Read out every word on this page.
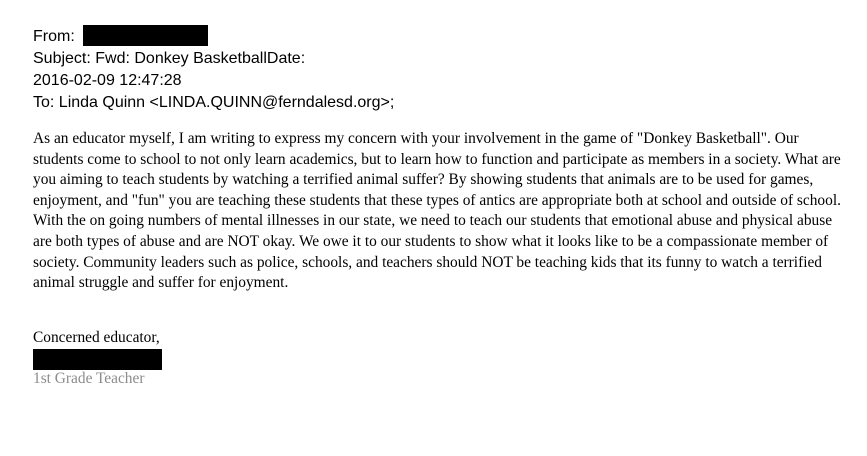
From:
Subject: Fwd: Donkey BasketballDate:
2016-02-09 12:47:28
To: Linda Quinn <LINDA.QUINN@ferndalesd.org>;

As an educator myself, I am writing to express my concern with your involvement in the game of "Donkey Basketball". Our students come to school to not only learn academics, but to learn how to function and participate as members in a society. What are you aiming to teach students by watching a terrified animal suffer? By showing students that animals are to be used for games, enjoyment, and "fun" you are teaching these students that these types of antics are appropriate both at school and outside of school. With the on going numbers of mental illnesses in our state, we need to teach our students that emotional abuse and physical abuse are both types of abuse and are NOT okay. We owe it to our students to show what it looks like to be a compassionate member of society. Community leaders such as police, schools, and teachers should NOT be teaching kids that its funny to watch a terrified animal struggle and suffer for enjoyment.

Concerned educator,
1st Grade Teacher
